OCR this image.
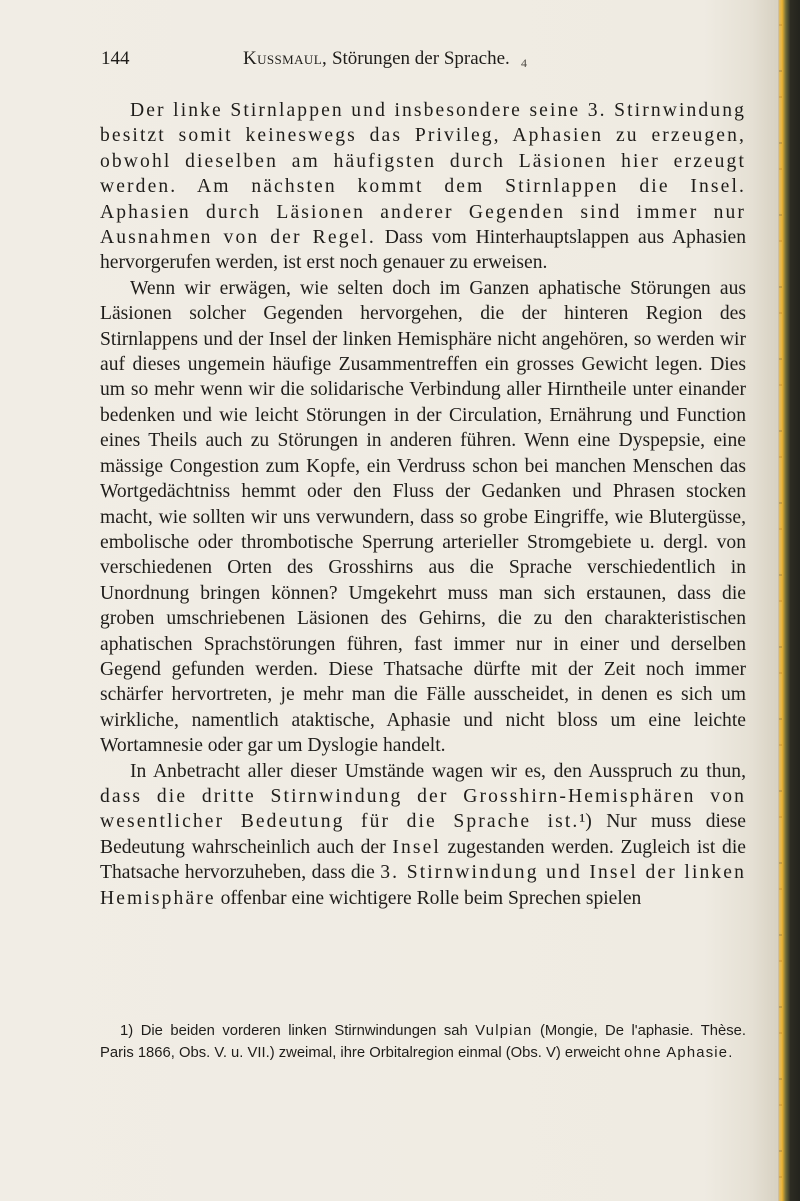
144	Kussmaul, Störungen der Sprache. 4

Der linke Stirnlappen und insbesondere seine 3. Stirnwindung besitzt somit keineswegs das Privileg, Aphasien zu erzeugen, obwohl dieselben am häufigsten durch Läsionen hier erzeugt werden. Am nächsten kommt dem Stirnlappen die Insel. Aphasien durch Läsionen anderer Gegenden sind immer nur Ausnahmen von der Regel. Dass vom Hinterhauptslappen aus Aphasien hervorgerufen werden, ist erst noch genauer zu erweisen.

Wenn wir erwägen, wie selten doch im Ganzen aphatische Störungen aus Läsionen solcher Gegenden hervorgehen, die der hinteren Region des Stirnlappens und der Insel der linken Hemisphäre nicht angehören, so werden wir auf dieses ungemein häufige Zusammentreffen ein grosses Gewicht legen. Dies um so mehr wenn wir die solidarische Verbindung aller Hirntheile unter einander bedenken und wie leicht Störungen in der Circulation, Ernährung und Function eines Theils auch zu Störungen in anderen führen. Wenn eine Dyspepsie, eine mässige Congestion zum Kopfe, ein Verdruss schon bei manchen Menschen das Wortgedächtniss hemmt oder den Fluss der Gedanken und Phrasen stocken macht, wie sollten wir uns verwundern, dass so grobe Eingriffe, wie Blutergüsse, embolische oder thrombotische Sperrung arterieller Stromgebiete u. dergl. von verschiedenen Orten des Grosshirns aus die Sprache verschiedentlich in Unordnung bringen können? Umgekehrt muss man sich erstaunen, dass die groben umschriebenen Läsionen des Gehirns, die zu den charakteristischen aphatischen Sprachstörungen führen, fast immer nur in einer und derselben Gegend gefunden werden. Diese Thatsache dürfte mit der Zeit noch immer schärfer hervortreten, je mehr man die Fälle ausscheidet, in denen es sich um wirkliche, namentlich ataktische, Aphasie und nicht bloss um eine leichte Wortamnesie oder gar um Dyslogie handelt.

In Anbetracht aller dieser Umstände wagen wir es, den Ausspruch zu thun, dass die dritte Stirnwindung der Grosshirn-Hemisphären von wesentlicher Bedeutung für die Sprache ist.¹) Nur muss diese Bedeutung wahrscheinlich auch der Insel zugestanden werden. Zugleich ist die Thatsache hervorzuheben, dass die 3. Stirnwindung und Insel der linken Hemisphäre offenbar eine wichtigere Rolle beim Sprechen spielen

1) Die beiden vorderen linken Stirnwindungen sah Vulpian (Mongie, De l'aphasie. Thèse. Paris 1866, Obs. V. u. VII.) zweimal, ihre Orbitalregion einmal (Obs. V) erweicht ohne Aphasie.
